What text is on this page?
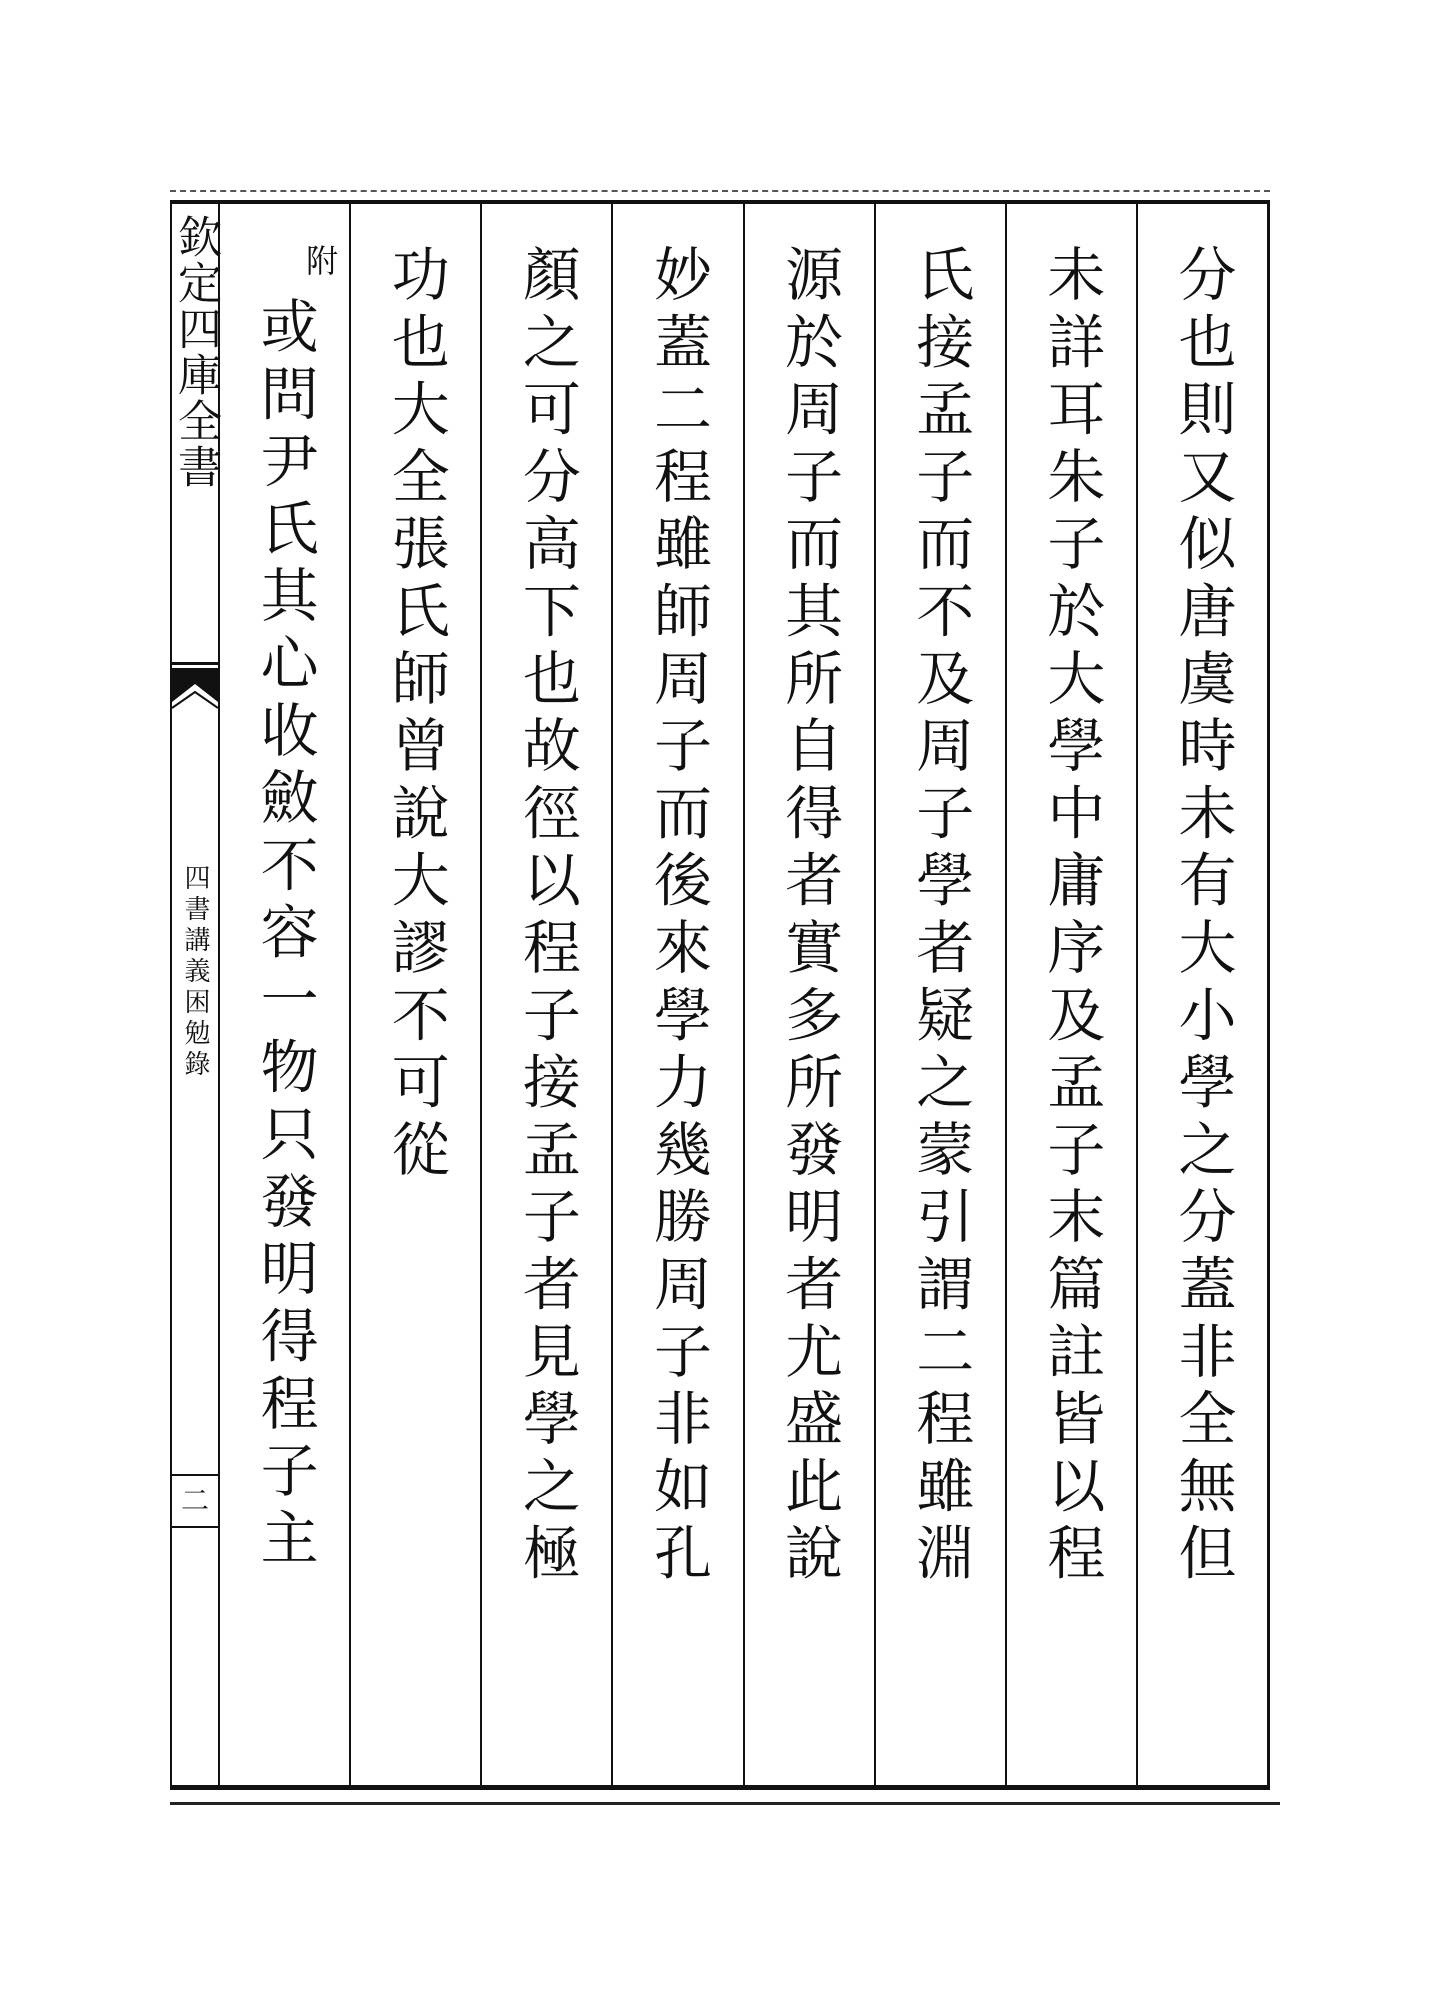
欽定四庫全書
四書講義困勉錄
二	分也則又似唐虞時未有大小學之分蓋非全無但
未詳耳朱子於大學中庸序及孟子末篇註皆以程
氏接孟子而不及周子學者疑之蒙引謂二程雖淵
源於周子而其所自得者實多所發明者尤盛此說
妙蓋二程雖師周子而後來學力幾勝周子非如孔
顏之可分高下也故徑以程子接孟子者見學之極
功也大全張氏師曾說大謬不可從
附
或問尹氏其心收斂不容一物只發明得程子主
